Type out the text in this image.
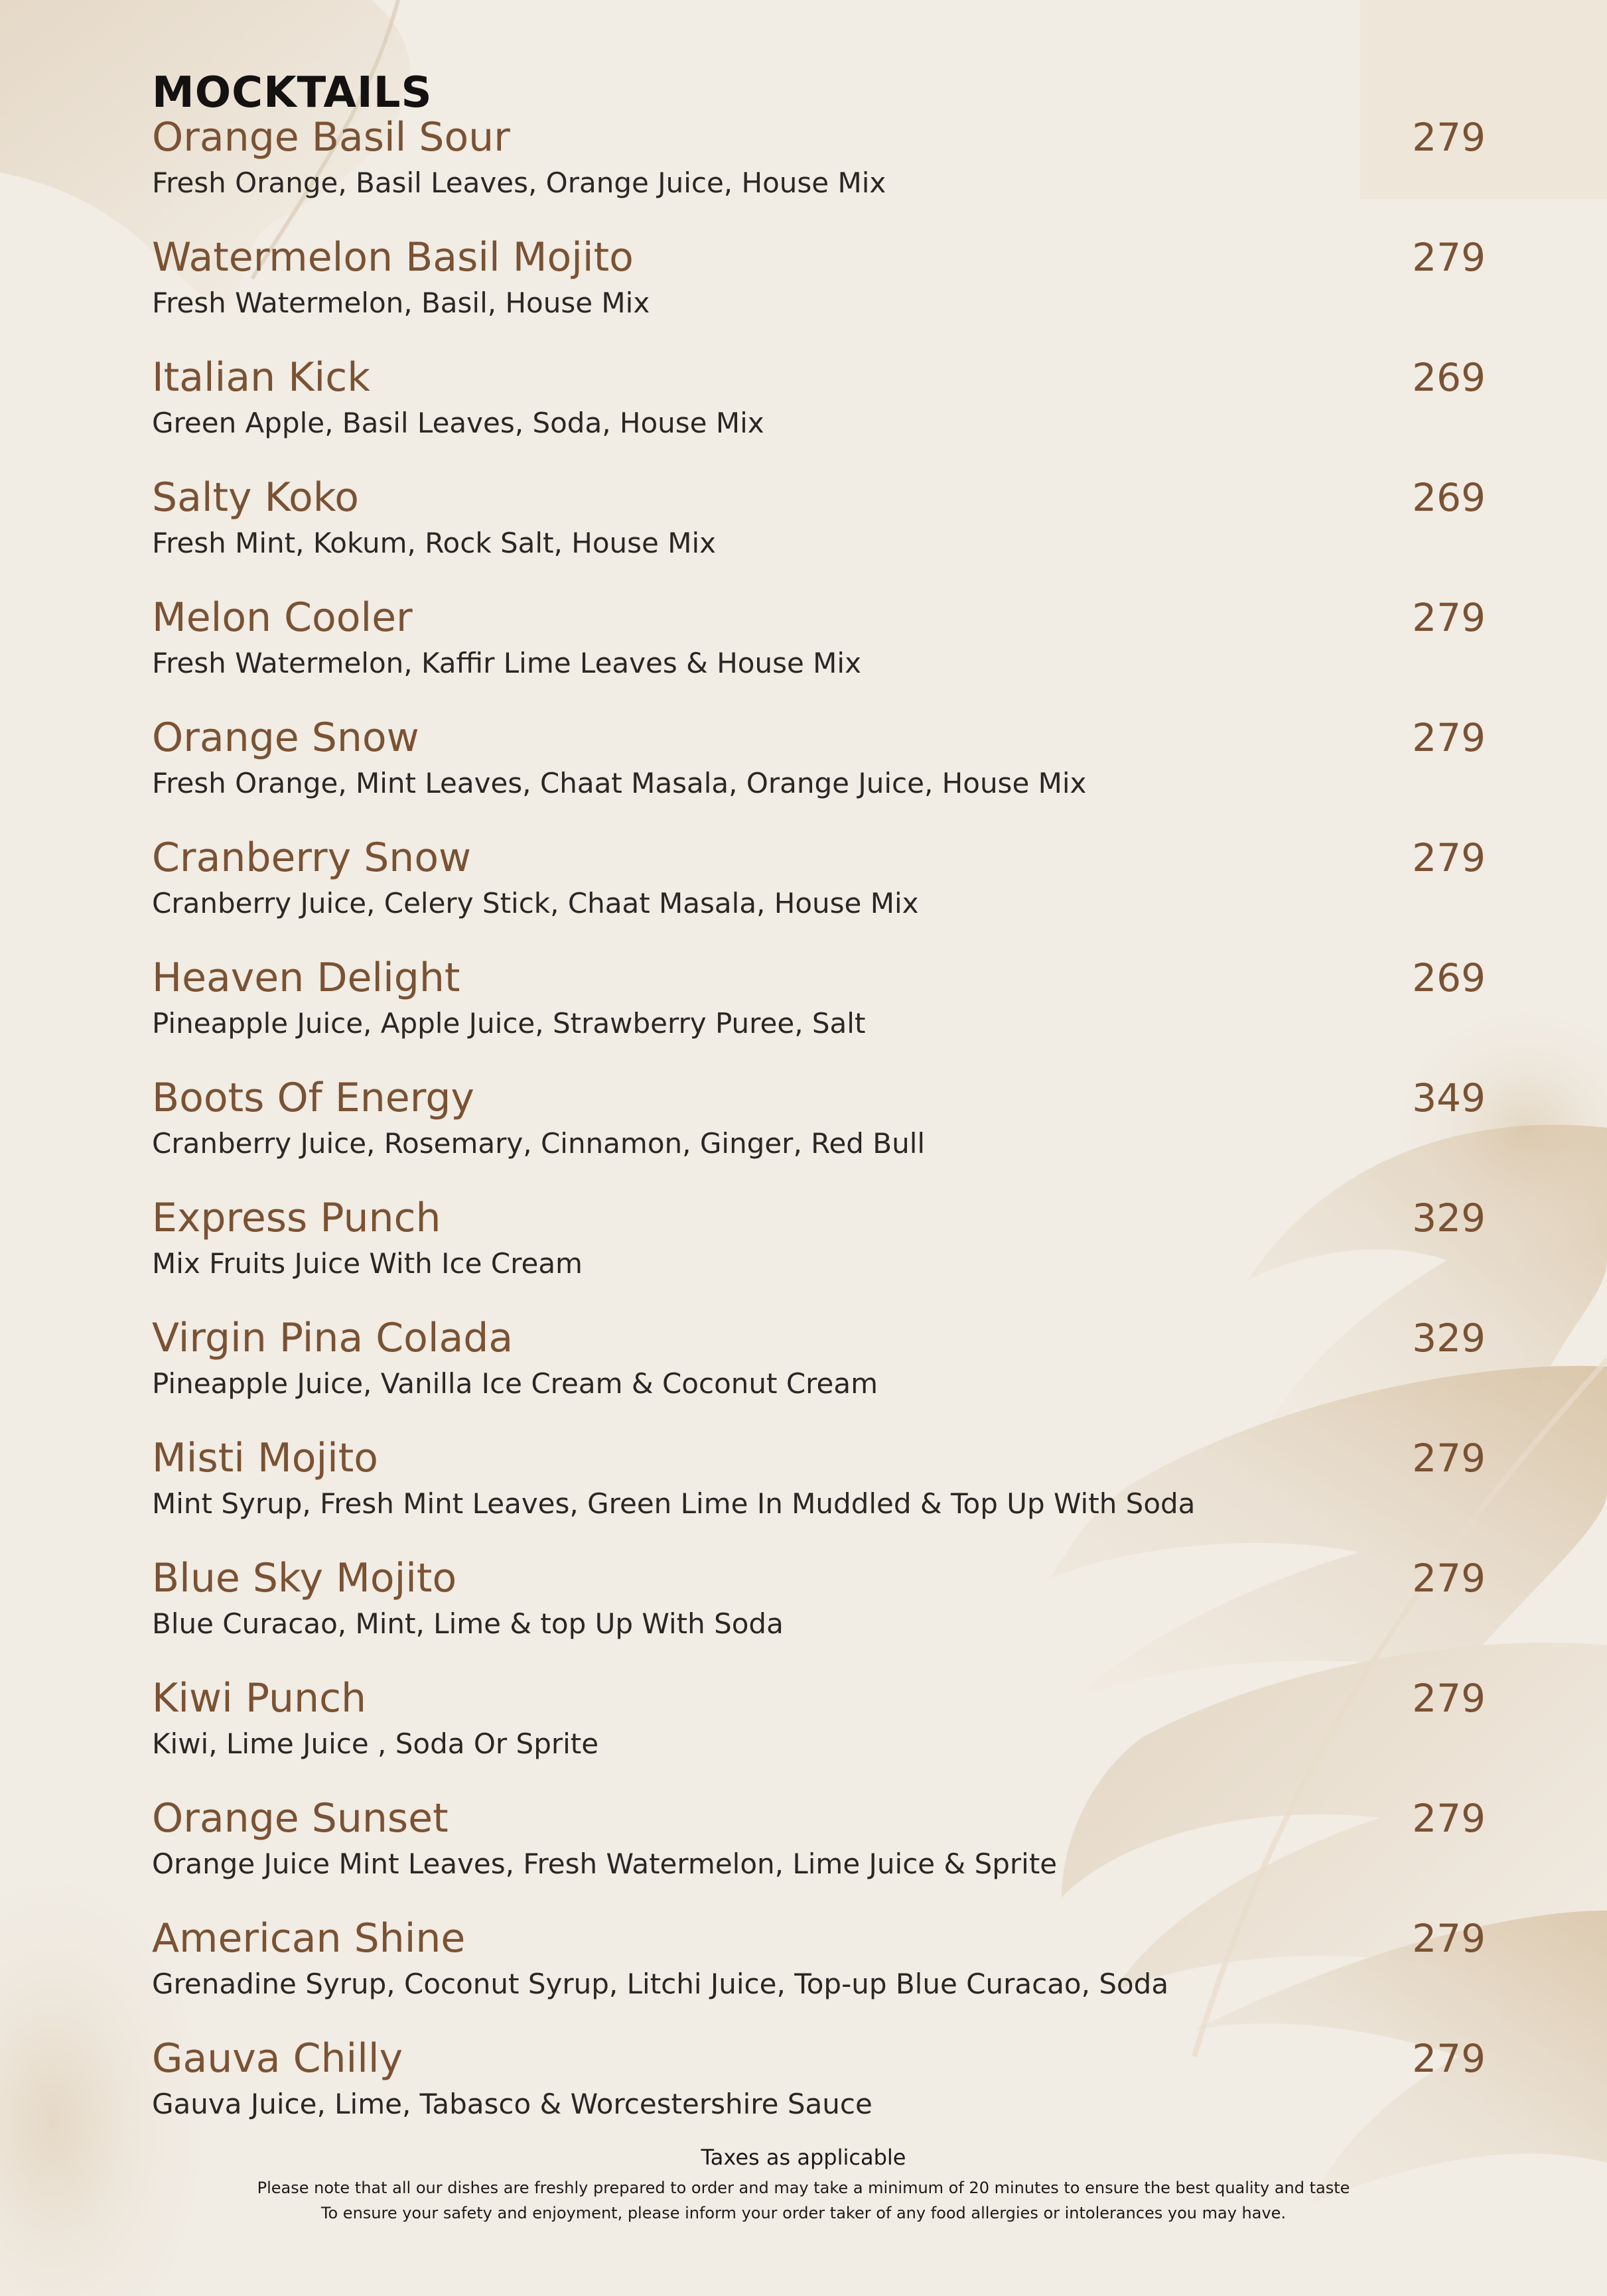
MOCKTAILS
Orange Basil Sour	279
Fresh Orange, Basil Leaves, Orange Juice, House Mix
Watermelon Basil Mojito	279
Fresh Watermelon, Basil, House Mix
Italian Kick	269
Green Apple, Basil Leaves, Soda, House Mix
Salty Koko	269
Fresh Mint, Kokum, Rock Salt, House Mix
Melon Cooler	279
Fresh Watermelon, Kaffir Lime Leaves & House Mix
Orange Snow	279
Fresh Orange, Mint Leaves, Chaat Masala, Orange Juice, House Mix
Cranberry Snow	279
Cranberry Juice, Celery Stick, Chaat Masala, House Mix
Heaven Delight	269
Pineapple Juice, Apple Juice, Strawberry Puree, Salt
Boots Of Energy	349
Cranberry Juice, Rosemary, Cinnamon, Ginger, Red Bull
Express Punch	329
Mix Fruits Juice With Ice Cream
Virgin Pina Colada	329
Pineapple Juice, Vanilla Ice Cream & Coconut Cream
Misti Mojito	279
Mint Syrup, Fresh Mint Leaves, Green Lime In Muddled & Top Up With Soda
Blue Sky Mojito	279
Blue Curacao, Mint, Lime & top Up With Soda
Kiwi Punch	279
Kiwi, Lime Juice , Soda Or Sprite
Orange Sunset	279
Orange Juice Mint Leaves, Fresh Watermelon, Lime Juice & Sprite
American Shine	279
Grenadine Syrup, Coconut Syrup, Litchi Juice, Top-up Blue Curacao, Soda
Gauva Chilly	279
Gauva Juice, Lime, Tabasco & Worcestershire Sauce
Taxes as applicable
Please note that all our dishes are freshly prepared to order and may take a minimum of 20 minutes to ensure the best quality and taste
To ensure your safety and enjoyment, please inform your order taker of any food allergies or intolerances you may have.
